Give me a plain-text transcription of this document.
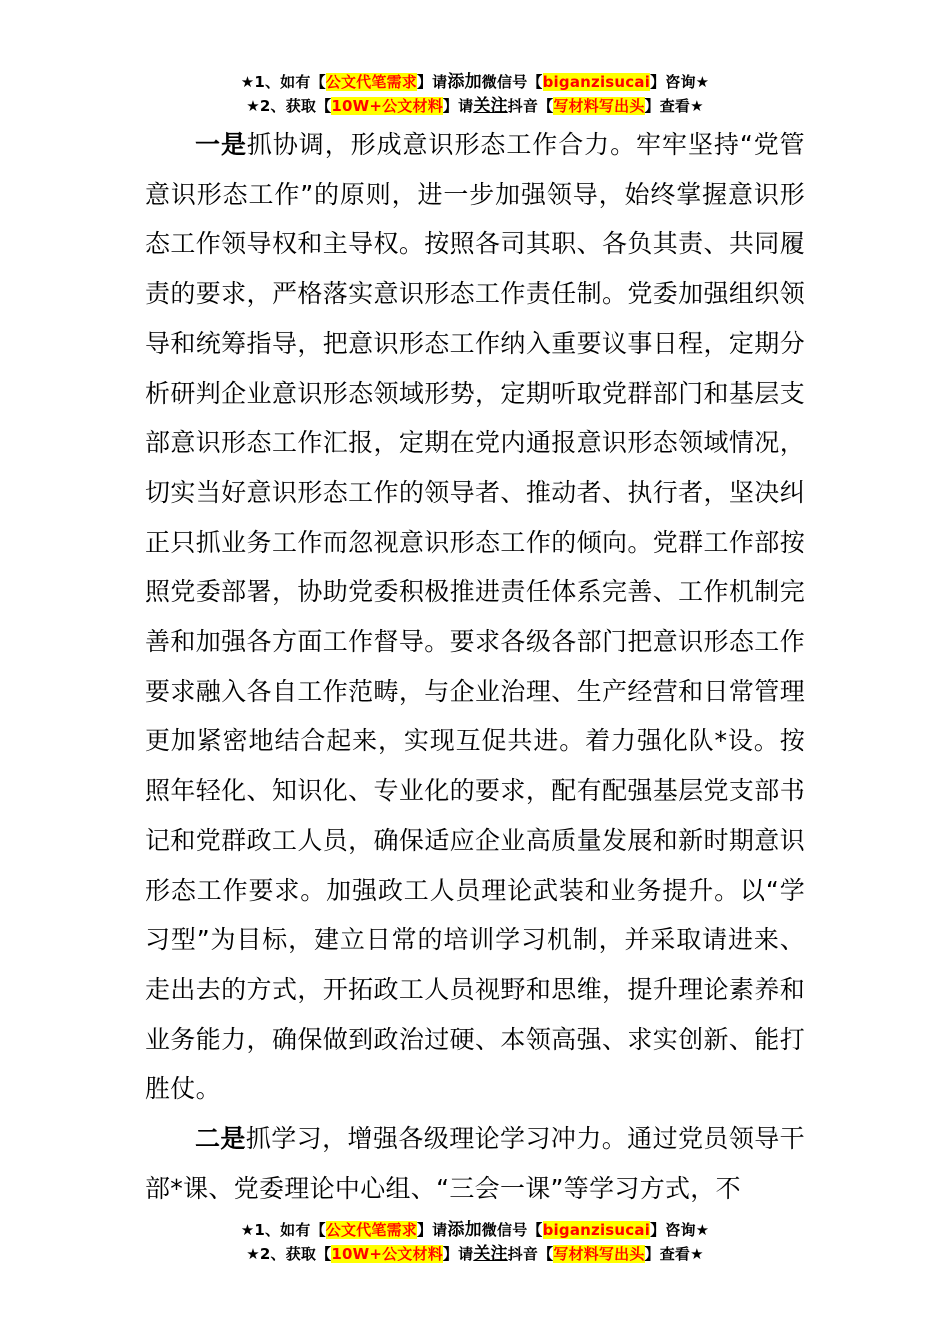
★1、如有【公文代笔需求】请添加微信号【biganzisucai】咨询★
★2、获取【10W+公文材料】请关注抖音【写材料写出头】查看★

一是抓协调，形成意识形态工作合力。牢牢坚持“党管意识形态工作”的原则，进一步加强领导，始终掌握意识形态工作领导权和主导权。按照各司其职、各负其责、共同履责的要求，严格落实意识形态工作责任制。党委加强组织领导和统筹指导，把意识形态工作纳入重要议事日程，定期分析研判企业意识形态领域形势，定期听取党群部门和基层支部意识形态工作汇报，定期在党内通报意识形态领域情况，切实当好意识形态工作的领导者、推动者、执行者，坚决纠正只抓业务工作而忽视意识形态工作的倾向。党群工作部按照党委部署，协助党委积极推进责任体系完善、工作机制完善和加强各方面工作督导。要求各级各部门把意识形态工作要求融入各自工作范畴，与企业治理、生产经营和日常管理更加紧密地结合起来，实现互促共进。着力强化队*设。按照年轻化、知识化、专业化的要求，配有配强基层党支部书记和党群政工人员，确保适应企业高质量发展和新时期意识形态工作要求。加强政工人员理论武装和业务提升。以“学习型”为目标，建立日常的培训学习机制，并采取请进来、走出去的方式，开拓政工人员视野和思维，提升理论素养和业务能力，确保做到政治过硬、本领高强、求实创新、能打胜仗。

二是抓学习，增强各级理论学习冲力。通过党员领导干部*课、党委理论中心组、“三会一课”等学习方式，不

★1、如有【公文代笔需求】请添加微信号【biganzisucai】咨询★
★2、获取【10W+公文材料】请关注抖音【写材料写出头】查看★
